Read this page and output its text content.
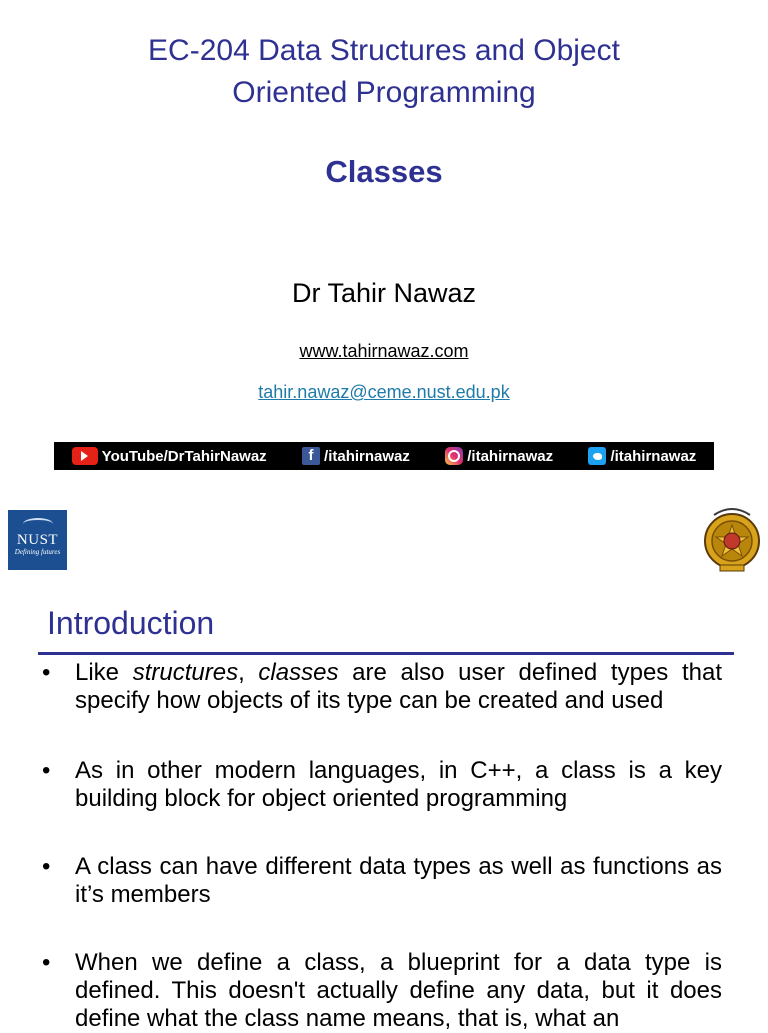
EC-204 Data Structures and Object
Oriented Programming
Classes
Dr Tahir Nawaz
www.tahirnawaz.com
tahir.nawaz@ceme.nust.edu.pk
YouTube/DrTahirNawaz	f /itahirnawaz	/itahirnawaz	/itahirnawaz
NUST
Defining futures
Introduction
• Like structures, classes are also user defined types that specify how objects of its type can be created and used
• As in other modern languages, in C++, a class is a key building block for object oriented programming
• A class can have different data types as well as functions as it’s members
• When we define a class, a blueprint for a data type is defined. This doesn't actually define any data, but it does define what the class name means, that is, what an
